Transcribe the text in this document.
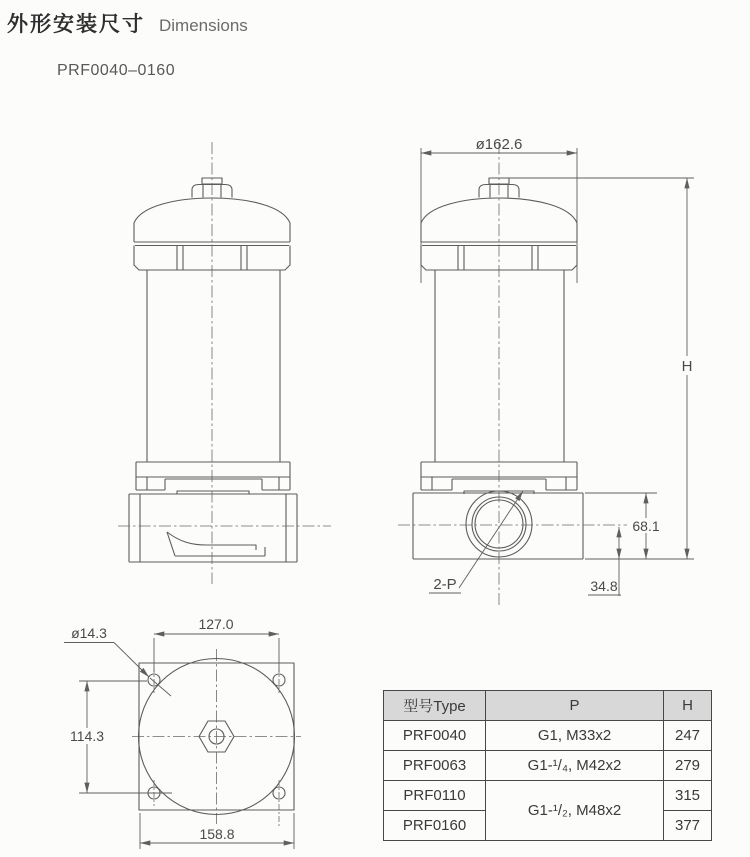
外形安装尺寸 Dimensions
PRF0040–0160
2-P
ø162.6
H
68.1
34.8
127.0
ø14.3
114.3
158.8
型号Type	P	H
PRF0040	G1, M33x2	247
PRF0063	G1-¹/₄, M42x2	279
PRF0110	G1-¹/₂, M48x2	315
PRF0160		377
